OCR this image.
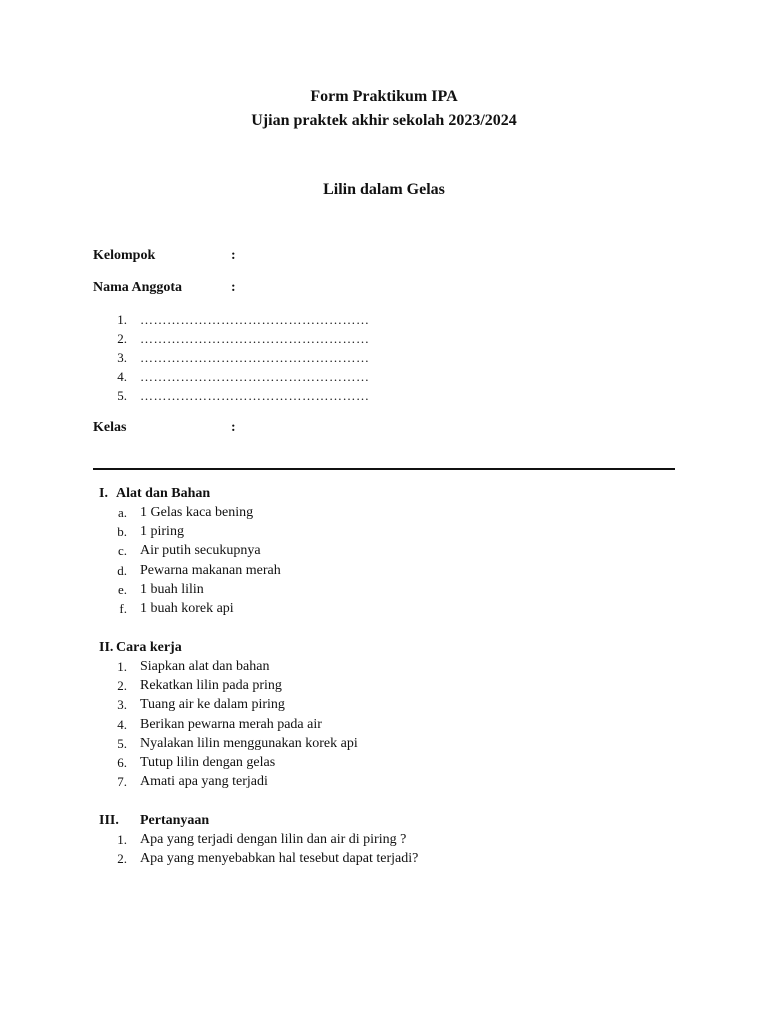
Form Praktikum IPA
Ujian praktek akhir sekolah 2023/2024
Lilin dalam Gelas
Kelompok	:
Nama Anggota	:
1. ……………………………………………
2. ……………………………………………
3. ……………………………………………
4. ……………………………………………
5. ……………………………………………
Kelas	:
I. Alat dan Bahan
a. 1 Gelas kaca bening
b. 1 piring
c. Air putih secukupnya
d. Pewarna makanan merah
e. 1 buah lilin
f. 1 buah korek api
II. Cara kerja
1. Siapkan alat dan bahan
2. Rekatkan lilin pada pring
3. Tuang air ke dalam piring
4. Berikan pewarna merah pada air
5. Nyalakan lilin menggunakan korek api
6. Tutup lilin dengan gelas
7. Amati apa yang terjadi
III. Pertanyaan
1. Apa yang terjadi dengan lilin dan air di piring ?
2. Apa yang menyebabkan hal tesebut dapat terjadi?
